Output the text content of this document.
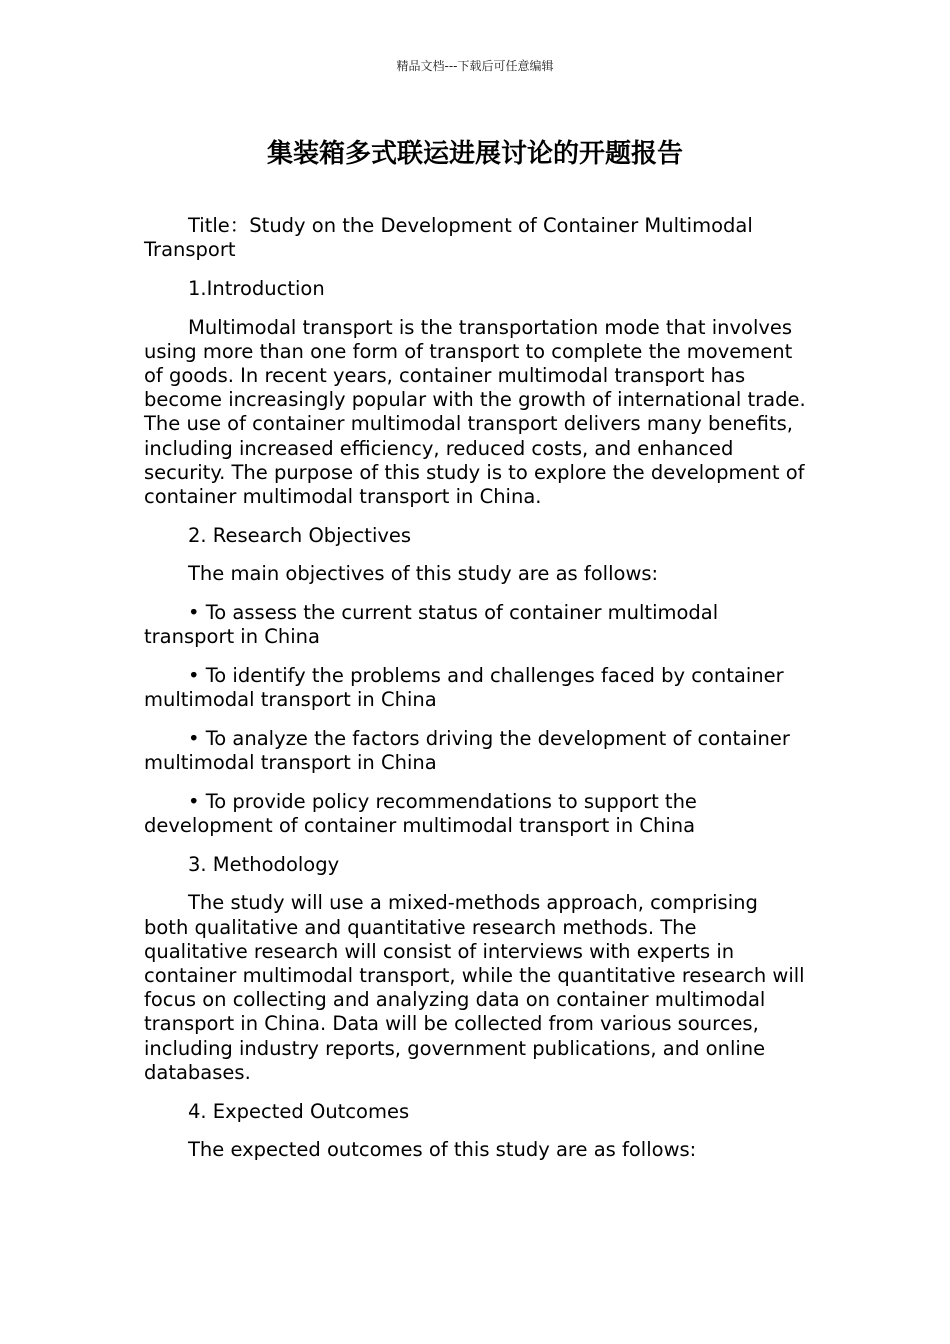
精品文档---下载后可任意编辑
集装箱多式联运进展讨论的开题报告

Title：Study on the Development of Container Multimodal Transport

1.Introduction

Multimodal transport is the transportation mode that involves using more than one form of transport to complete the movement of goods. In recent years, container multimodal transport has become increasingly popular with the growth of international trade. The use of container multimodal transport delivers many benefits, including increased efficiency, reduced costs, and enhanced security. The purpose of this study is to explore the development of container multimodal transport in China.

2. Research Objectives

The main objectives of this study are as follows:

• To assess the current status of container multimodal transport in China

• To identify the problems and challenges faced by container multimodal transport in China

• To analyze the factors driving the development of container multimodal transport in China

• To provide policy recommendations to support the development of container multimodal transport in China

3. Methodology

The study will use a mixed-methods approach, comprising both qualitative and quantitative research methods. The qualitative research will consist of interviews with experts in container multimodal transport, while the quantitative research will focus on collecting and analyzing data on container multimodal transport in China. Data will be collected from various sources, including industry reports, government publications, and online databases.

4. Expected Outcomes

The expected outcomes of this study are as follows:
